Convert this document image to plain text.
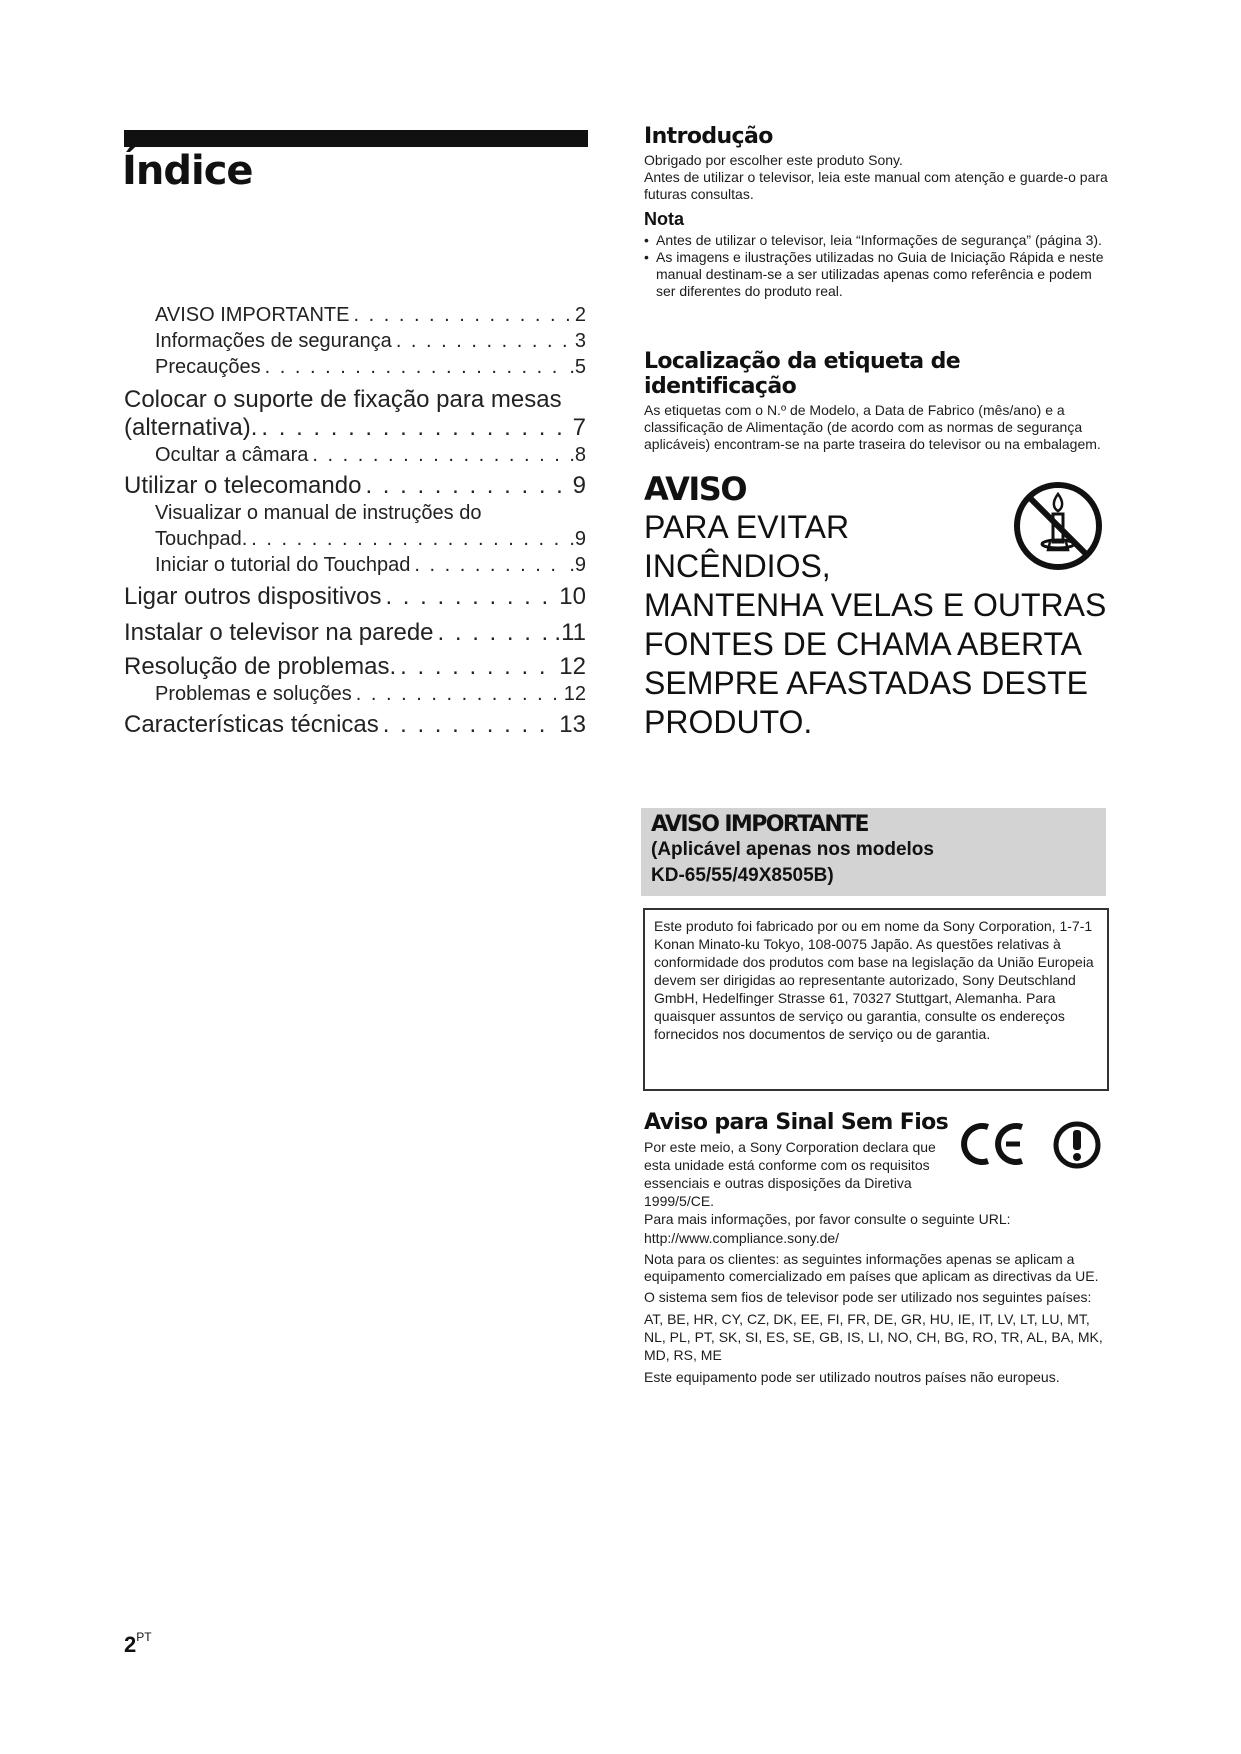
Índice
AVISO IMPORTANTE . . .	2
Informações de segurança . . .	3
Precauções . . .	.5
Colocar o suporte de fixação para mesas
(alternativa). . . .	7
Ocultar a câmara . . .	.8
Utilizar o telecomando . . .	9
Visualizar o manual de instruções do
Touchpad. . . .	.9
Iniciar o tutorial do Touchpad . . .	.9
Ligar outros dispositivos . . .	10
Instalar o televisor na parede . . .	.11
Resolução de problemas. . . .	12
Problemas e soluções . . .	12
Características técnicas . . .	13
Introdução

Obrigado por escolher este produto Sony.

Antes de utilizar o televisor, leia este manual com atenção e guarde-o para futuras consultas.

Nota

• Antes de utilizar o televisor, leia “Informações de segurança” (página 3).

• As imagens e ilustrações utilizadas no Guia de Iniciação Rápida e neste manual destinam-se a ser utilizadas apenas como referência e podem ser diferentes do produto real.

Localização da etiqueta de identificação

As etiquetas com o N.º de Modelo, a Data de Fabrico (mês/ano) e a classificação de Alimentação (de acordo com as normas de segurança aplicáveis) encontram-se na parte traseira do televisor ou na embalagem.

AVISO

PARA EVITAR

INCÊNDIOS,

MANTENHA VELAS E OUTRAS

FONTES DE CHAMA ABERTA

SEMPRE AFASTADAS DESTE

PRODUTO.

AVISO IMPORTANTE
(Aplicável apenas nos modelos
KD-65/55/49X8505B)

Este produto foi fabricado por ou em nome da Sony Corporation, 1-7-1 Konan Minato-ku Tokyo, 108-0075 Japão. As questões relativas à conformidade dos produtos com base na legislação da União Europeia devem ser dirigidas ao representante autorizado, Sony Deutschland GmbH, Hedelfinger Strasse 61, 70327 Stuttgart, Alemanha. Para quaisquer assuntos de serviço ou garantia, consulte os endereços fornecidos nos documentos de serviço ou de garantia.

Aviso para Sinal Sem Fios

Por este meio, a Sony Corporation declara que esta unidade está conforme com os requisitos essenciais e outras disposições da Diretiva 1999/5/CE.

Para mais informações, por favor consulte o seguinte URL:

http://www.compliance.sony.de/

Nota para os clientes: as seguintes informações apenas se aplicam a equipamento comercializado em países que aplicam as directivas da UE.

O sistema sem fios de televisor pode ser utilizado nos seguintes países:

AT, BE, HR, CY, CZ, DK, EE, FI, FR, DE, GR, HU, IE, IT, LV, LT, LU, MT, NL, PL, PT, SK, SI, ES, SE, GB, IS, LI, NO, CH, BG, RO, TR, AL, BA, MK, MD, RS, ME

Este equipamento pode ser utilizado noutros países não europeus.

CE
$2^{PT}$
